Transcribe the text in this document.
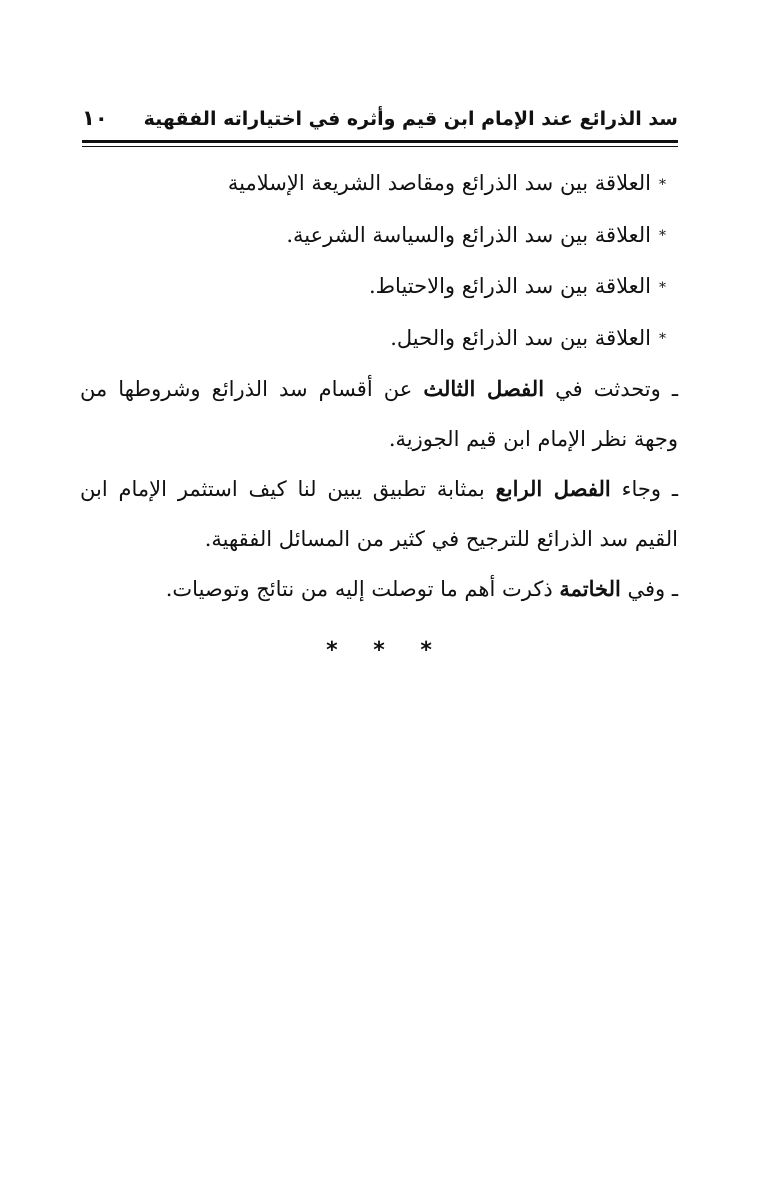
سد الذرائع عند الإمام ابن قيم وأثره في اختياراته الفقهية
١٠

*العلاقة بين سد الذرائع ومقاصد الشريعة الإسلامية

*العلاقة بين سد الذرائع والسياسة الشرعية.

*العلاقة بين سد الذرائع والاحتياط.

*العلاقة بين سد الذرائع والحيل.

ـ وتحدثت في الفصل الثالث عن أقسام سد الذرائع وشروطها من وجهة نظر الإمام ابن قيم الجوزية.

ـ وجاء الفصل الرابع بمثابة تطبيق يبين لنا كيف استثمر الإمام ابن القيم سد الذرائع للترجيح في كثير من المسائل الفقهية.

ـ وفي الخاتمة ذكرت أهم ما توصلت إليه من نتائج وتوصيات.

* * *
